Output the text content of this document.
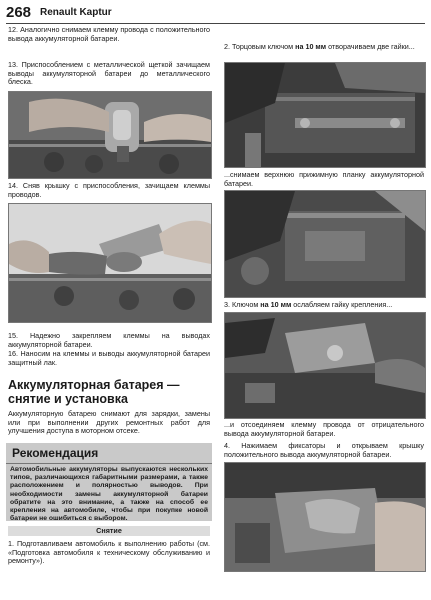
268 Renault Kaptur
12. Аналогично снимаем клемму провода с положительного вывода аккумуляторной батареи.
13. Приспособлением с металлической щеткой зачищаем выводы аккумуляторной батареи до металлического блеска.
14. Сняв крышку с приспособления, зачищаем клеммы проводов.
15. Надежно закрепляем клеммы на выводах аккумуляторной батареи.
16. Наносим на клеммы и выводы аккумуляторной батареи защитный лак.
Аккумуляторная батарея — снятие и установка
Аккумуляторную батарею снимают для зарядки, замены или при выполнении других ремонтных работ для улучшения доступа в моторном отсеке.
Рекомендация
Автомобильные аккумуляторы выпускаются нескольких типов, различающихся габаритными размерами, а также расположением и полярностью выводов. При необходимости замены аккумуляторной батареи обратите на это внимание, а также на способ ее крепления на автомобиле, чтобы при покупке новой батареи не ошибиться с выбором.
Снятие
1. Подготавливаем автомобиль к выполнению работы (см. «Подготовка автомобиля к техническому обслуживанию и ремонту»).
2. Торцовым ключом на 10 мм отворачиваем две гайки...
...снимаем верхнюю прижимную планку аккумуляторной батареи.
3. Ключом на 10 мм ослабляем гайку крепления...
...и отсоединяем клемму провода от отрицательного вывода аккумуляторной батареи.
4. Нажимаем фиксаторы и открываем крышку положительного вывода аккумуляторной батареи.
